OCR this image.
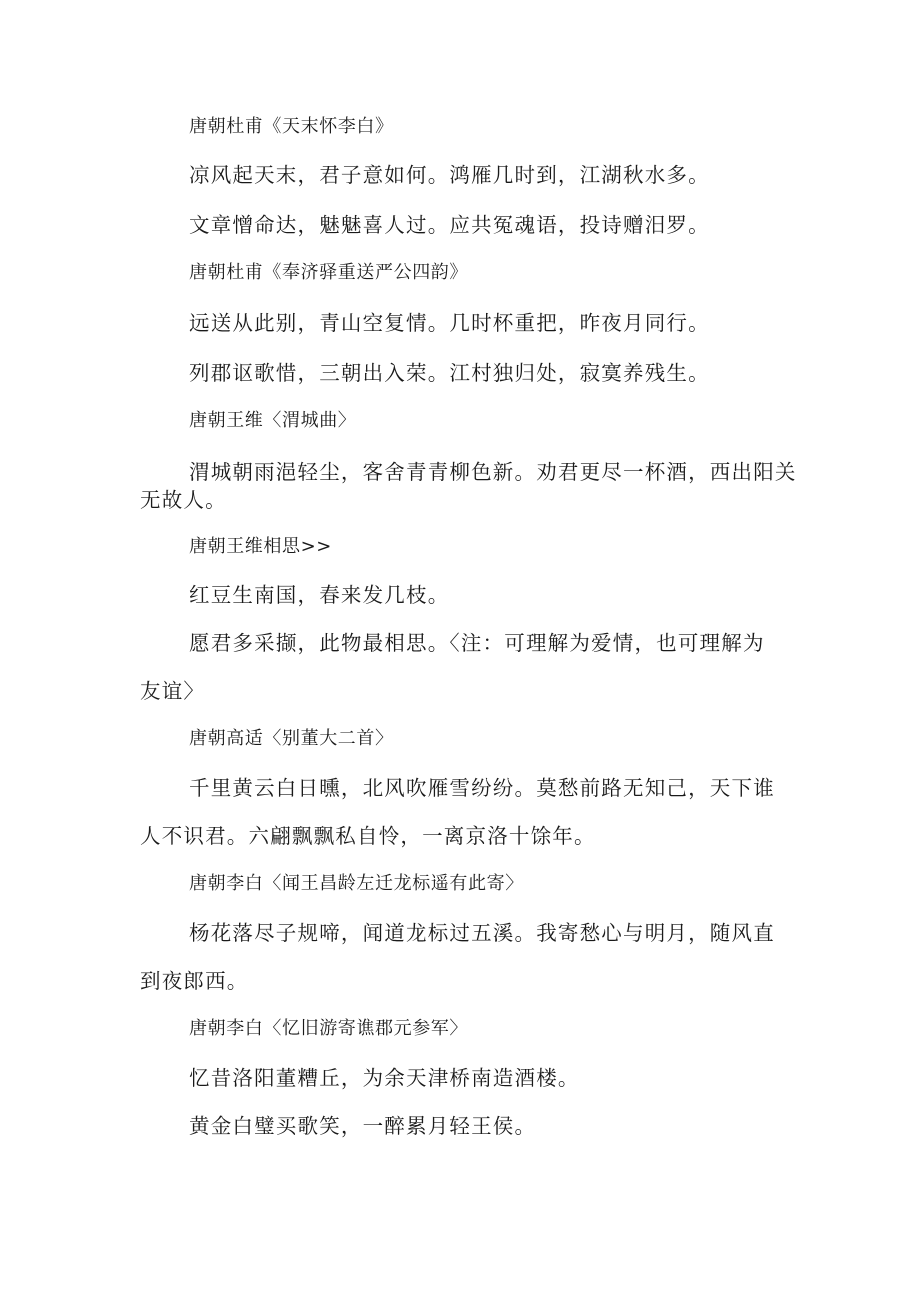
唐朝杜甫《天末怀李白》
凉风起天末，君子意如何。鸿雁几时到，江湖秋水多。
文章憎命达，魅魅喜人过。应共冤魂语，投诗赠汨罗。
唐朝杜甫《奉济驿重送严公四韵》
远送从此别，青山空复情。几时杯重把，昨夜月同行。
列郡讴歌惜，三朝出入荣。江村独归处，寂寞养残生。
唐朝王维〈渭城曲〉
渭城朝雨浥轻尘，客舍青青柳色新。劝君更尽一杯酒，西出阳关无故人。
唐朝王维相思>>
红豆生南国，春来发几枝。
愿君多采撷，此物最相思。〈注：可理解为爱情，也可理解为
友谊〉
唐朝高适〈别董大二首〉
千里黄云白日曛，北风吹雁雪纷纷。莫愁前路无知己，天下谁
人不识君。六翩飘飘私自怜，一离京洛十馀年。
唐朝李白〈闻王昌龄左迁龙标遥有此寄〉
杨花落尽子规啼，闻道龙标过五溪。我寄愁心与明月，随风直
到夜郎西。
唐朝李白〈忆旧游寄谯郡元参军〉
忆昔洛阳董糟丘，为余天津桥南造酒楼。
黄金白璧买歌笑，一醉累月轻王侯。
